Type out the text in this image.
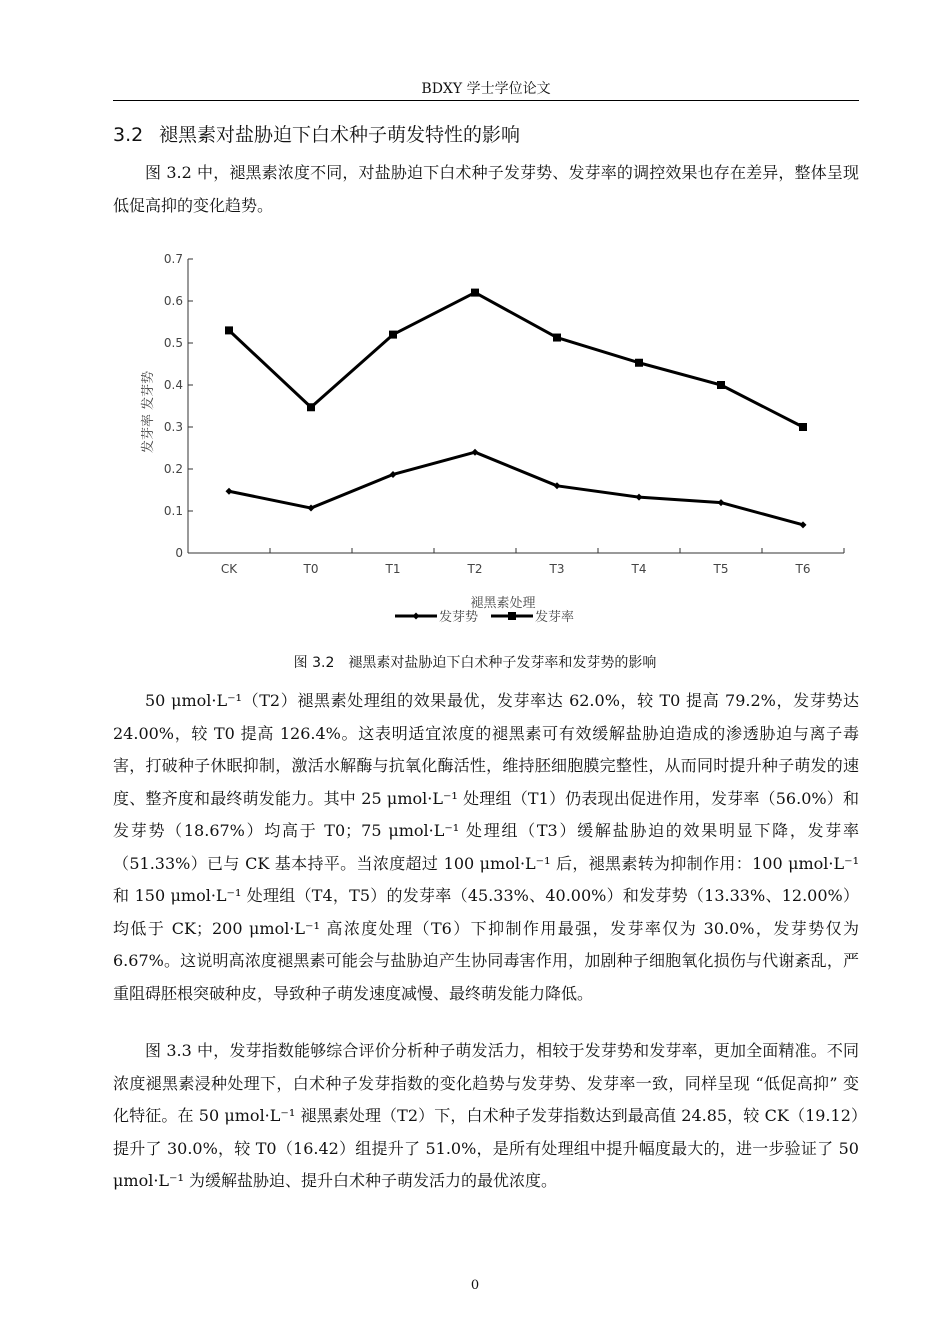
BDXY 学士学位论文
3.2 褪黑素对盐胁迫下白术种子萌发特性的影响
图 3.2 中，褪黑素浓度不同，对盐胁迫下白术种子发芽势、发芽率的调控效果也存在差异，整体呈现低促高抑的变化趋势。
0
0.1
0.2
0.3
0.4
0.5
0.6
0.7
CK	T0	T1	T2	T3	T4	T5	T6
发芽率 发芽势
褪黑素处理
发芽势	发芽率
图 3.2　褪黑素对盐胁迫下白术种子发芽率和发芽势的影响
50 μmol·L⁻¹（T2）褪黑素处理组的效果最优，发芽率达 62.0%，较 T0 提高 79.2%，发芽势达 24.00%，较 T0 提高 126.4%。这表明适宜浓度的褪黑素可有效缓解盐胁迫造成的渗透胁迫与离子毒害，打破种子休眠抑制，激活水解酶与抗氧化酶活性，维持胚细胞膜完整性，从而同时提升种子萌发的速度、整齐度和最终萌发能力。其中 25 μmol·L⁻¹ 处理组（T1）仍表现出促进作用，发芽率（56.0%）和发芽势（18.67%）均高于 T0；75 μmol·L⁻¹ 处理组（T3）缓解盐胁迫的效果明显下降，发芽率（51.33%）已与 CK 基本持平。当浓度超过 100 μmol·L⁻¹ 后，褪黑素转为抑制作用：100 μmol·L⁻¹ 和 150 μmol·L⁻¹ 处理组（T4，T5）的发芽率（45.33%、40.00%）和发芽势（13.33%、12.00%）均低于 CK；200 μmol·L⁻¹ 高浓度处理（T6）下抑制作用最强，发芽率仅为 30.0%，发芽势仅为 6.67%。这说明高浓度褪黑素可能会与盐胁迫产生协同毒害作用，加剧种子细胞氧化损伤与代谢紊乱，严重阻碍胚根突破种皮，导致种子萌发速度减慢、最终萌发能力降低。
图 3.3 中，发芽指数能够综合评价分析种子萌发活力，相较于发芽势和发芽率，更加全面精准。不同浓度褪黑素浸种处理下，白术种子发芽指数的变化趋势与发芽势、发芽率一致，同样呈现 “低促高抑” 变化特征。在 50 μmol·L⁻¹ 褪黑素处理（T2）下，白术种子发芽指数达到最高值 24.85，较 CK（19.12）提升了 30.0%，较 T0（16.42）组提升了 51.0%，是所有处理组中提升幅度最大的，进一步验证了 50 μmol·L⁻¹ 为缓解盐胁迫、提升白术种子萌发活力的最优浓度。
0
